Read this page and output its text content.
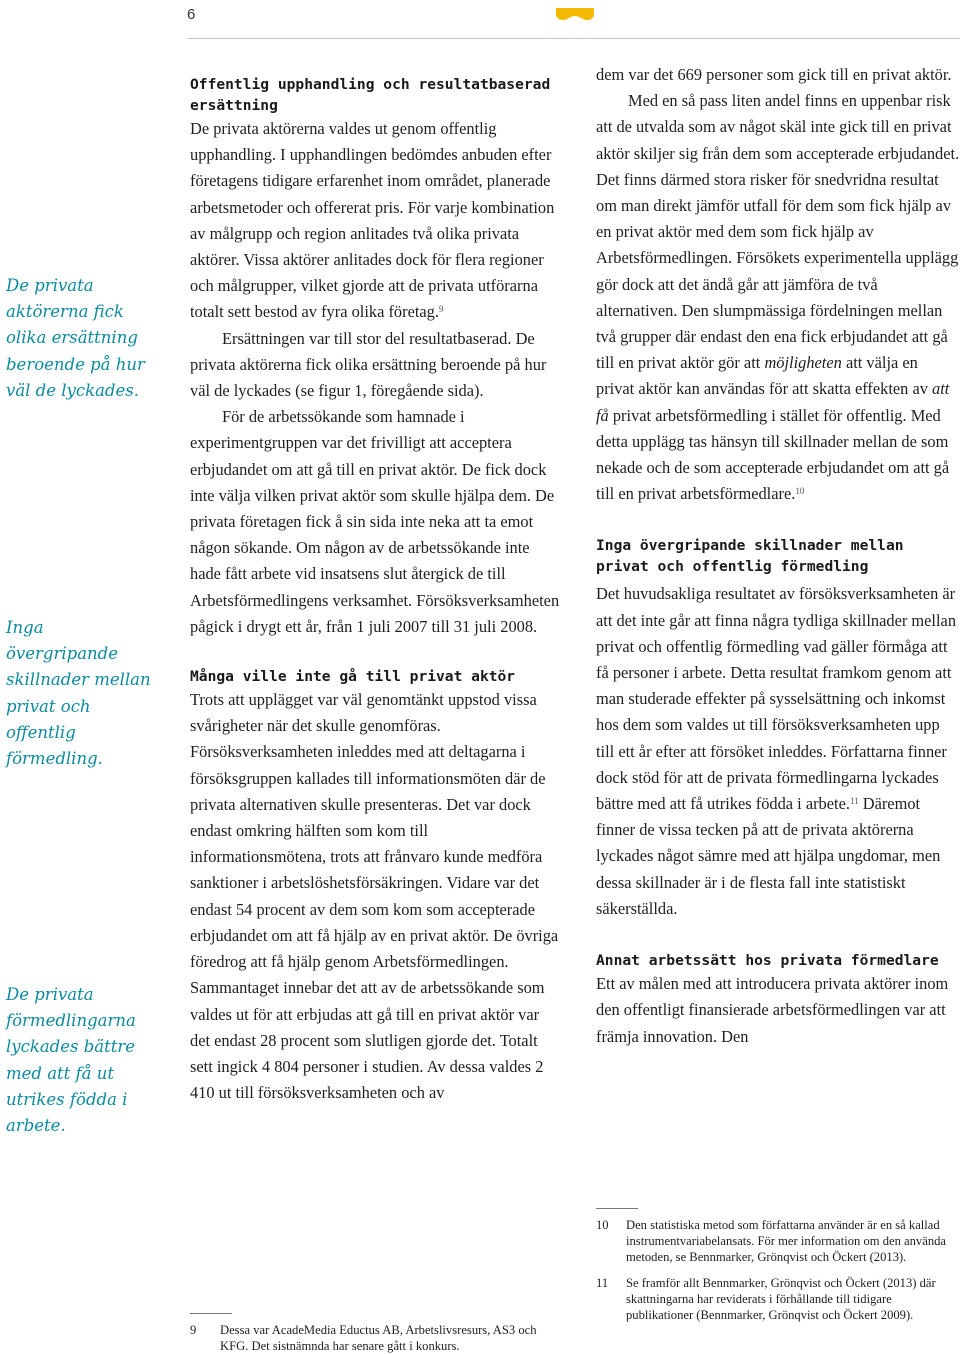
6
De privata aktörerna fick olika ersättning beroende på hur väl de lyckades.
Inga övergripande skillnader mellan privat och offentlig förmedling.
De privata förmedlingarna lyckades bättre med att få ut utrikes födda i arbete.
Offentlig upphandling och resultatbaserad ersättning

De privata aktörerna valdes ut genom offentlig upphandling. I upphandlingen bedömdes anbuden efter företagens tidigare erfarenhet inom området, planerade arbetsmetoder och offererat pris. För varje kombination av målgrupp och region anlitades två olika privata aktörer. Vissa aktörer anlitades dock för flera regioner och målgrupper, vilket gjorde att de privata utförarna totalt sett bestod av fyra olika företag.$^9$

Ersättningen var till stor del resultatbaserad. De privata aktörerna fick olika ersättning beroende på hur väl de lyckades (se figur 1, föregående sida).

För de arbetssökande som hamnade i experimentgruppen var det frivilligt att acceptera erbjudandet om att gå till en privat aktör. De fick dock inte välja vilken privat aktör som skulle hjälpa dem. De privata företagen fick å sin sida inte neka att ta emot någon sökande. Om någon av de arbetssökande inte hade fått arbete vid insatsens slut återgick de till Arbetsförmedlingens verksamhet. Försöksverksamheten pågick i drygt ett år, från 1 juli 2007 till 31 juli 2008.

Många ville inte gå till privat aktör

Trots att upplägget var väl genomtänkt uppstod vissa svårigheter när det skulle genomföras. Försöksverksamheten inleddes med att deltagarna i försöksgruppen kallades till informationsmöten där de privata alternativen skulle presenteras. Det var dock endast omkring hälften som kom till informationsmötena, trots att frånvaro kunde medföra sanktioner i arbetslöshetsförsäkringen. Vidare var det endast 54 procent av dem som kom som accepterade erbjudandet om att få hjälp av en privat aktör. De övriga föredrog att få hjälp genom Arbetsförmedlingen. Sammantaget innebar det att av de arbetssökande som valdes ut för att erbjudas att gå till en privat aktör var det endast 28 procent som slutligen gjorde det. Totalt sett ingick 4 804 personer i studien. Av dessa valdes 2 410 ut till försöksverksamheten och av

9	Dessa var AcadeMedia Eductus AB, Arbetslivsresurs, AS3 och KFG. Det sistnämnda har senare gått i konkurs.

dem var det 669 personer som gick till en privat aktör.

Med en så pass liten andel finns en uppenbar risk att de utvalda som av något skäl inte gick till en privat aktör skiljer sig från dem som accepterade erbjudandet. Det finns därmed stora risker för snedvridna resultat om man direkt jämför utfall för dem som fick hjälp av en privat aktör med dem som fick hjälp av Arbetsförmedlingen. Försökets experimentella upplägg gör dock att det ändå går att jämföra de två alternativen. Den slumpmässiga fördelningen mellan två grupper där endast den ena fick erbjudandet att gå till en privat aktör gör att möjligheten att välja en privat aktör kan användas för att skatta effekten av att få privat arbetsförmedling i stället för offentlig. Med detta upplägg tas hänsyn till skillnader mellan de som nekade och de som accepterade erbjudandet om att gå till en privat arbetsförmedlare.$^{10}$

Inga övergripande skillnader mellan privat och offentlig förmedling

Det huvudsakliga resultatet av försöksverksamheten är att det inte går att finna några tydliga skillnader mellan privat och offentlig förmedling vad gäller förmåga att få personer i arbete. Detta resultat framkom genom att man studerade effekter på sysselsättning och inkomst hos dem som valdes ut till försöksverksamheten upp till ett år efter att försöket inleddes. Författarna finner dock stöd för att de privata förmedlingarna lyckades bättre med att få utrikes födda i arbete.$^{11}$ Däremot finner de vissa tecken på att de privata aktörerna lyckades något sämre med att hjälpa ungdomar, men dessa skillnader är i de flesta fall inte statistiskt säkerställda.

Annat arbetssätt hos privata förmedlare

Ett av målen med att introducera privata aktörer inom den offentligt finansierade arbetsförmedlingen var att främja innovation. Den

10	Den statistiska metod som författarna använder är en så kallad instrumentvariabelansats. För mer information om den använda metoden, se Bennmarker, Grönqvist och Öckert (2013).
11	Se framför allt Bennmarker, Grönqvist och Öckert (2013) där skattningarna har reviderats i förhållande till tidigare publikationer (Bennmarker, Grönqvist och Öckert 2009).
